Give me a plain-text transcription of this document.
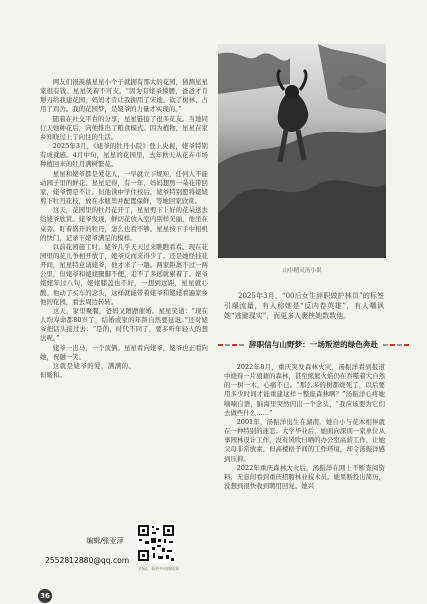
网友们很羡慕星星小个子就拥有那大的花园，猜测星星家很有钱。星星笑着不可支。“因为有姥爷撑腰，爸爸才肯掰刀给我建花园，妈妈才肯让我拥用了宋地、砍了树林、占用了鸡舍。我的花园梦，是姥爷的力量才实现的。”

随着在社交平台的分享，星星链接了很多花友。当地同行天她种花后，向他推出了粮食模式。因为植物，星星在家乡知晓过上了向往的生活。

2025年3月，《姥爷的牡丹小院》登上央视，姥爷特别有成就感。4月中旬，星星的花园里，去年秋天从花卉市场种植回来的牡丹满树繁花。

星星和姥爷都是爱花人，一早就立下规矩，任何人不能动园子里的鲜花。星星记得，有一年，妈妈想剪一朵花带回家，姥爷愣是不让。但他读中学住校后，姥爷特别愿将姥姥剪下牡丹花枝，放在水瓶里并配置保鲜，等她回家欣赏。

这天，花园里的牡丹花开了，星星剪下上好的花朵送去给姥爷欣赏。姥爷发现，鲜切花放入室内别样美丽，他坐在桌旁，盯着盛开的牡丹，怎么也看不够。星星按下手中相机的快门，记录下姥爷满足的模样。

以前花园施工时，姥爷几乎天天过来瞧瞧看看。现在花园里的花儿争相开放了，姥爷反而来得少了。还是她怪挂花开间，星星特意请姥爷，他才来了一趟。两家距离不过一两公里，但姥爷和姥姥腿脚不便，走不了多远就累着了。姥爷姥姥年过八旬，姥姥膝盖也不好，一想到远距，星星就心酸。他动了买车的念头，这样就能带着姥爷和姥姥看遍家乡他的花园，看去周边转转。

这天，家里聚餐，爸妈又蹭蹭催婚。星星笑道：“现在人均寿命都80岁了，结婚或家的年龄自然要延迟。”还对姥爷把话头接过去：“是的，时代不同了，要多听年轻人的想法呢。”

姥爷一出马，一个顶俩。星星看向姥爷，姥爷也正看向她，祝融一笑。

这就是姥爷的爱，满满的、但暖和。

山中精灵汤小果
2025年3月，“00后女生辞职做护林员”的标签引爆流量，有人称她是“反内卷英雄”，有人嘲讽她“逃避现实”，而更多人裹挟她数数他。
辞职信与山野梦：一场叛逆的绿色奔赴

2022年8月，重庆突发森林火灾，汤振洋看到报道中烧得一片狼藉的森林，甚至熊熊火焰仍在吞噬着大自然的一树一木，心痛不已。“那么多的树都烧死了，以后要用多少时间才能重建这样一整座森林啊？”汤振洋心疼她喃喃自语，脑海里突然闪出一个念头，“我应该要为它们去做些什么……”

2001年，汤振洋出生在湖南。她自小与花木相伴就在一种特别的迷恋。大学毕业后，她面向深圳一家单位从事园林设计工作，没有风吹日晒的办公室高薪工作，让她父母非常放素。但高楼格子间的工作环境，却令汤振洋感到压抑。

2022年重庆森林大火后，汤振洋在网上不断查阅资料，无意间看到重庆招聘林业技术员。她果断投出简历，没想到很快收到聘用回复。她兴

编辑/张亚萍
2552812880@qq.com
扫码，看更多动慢故事
36
